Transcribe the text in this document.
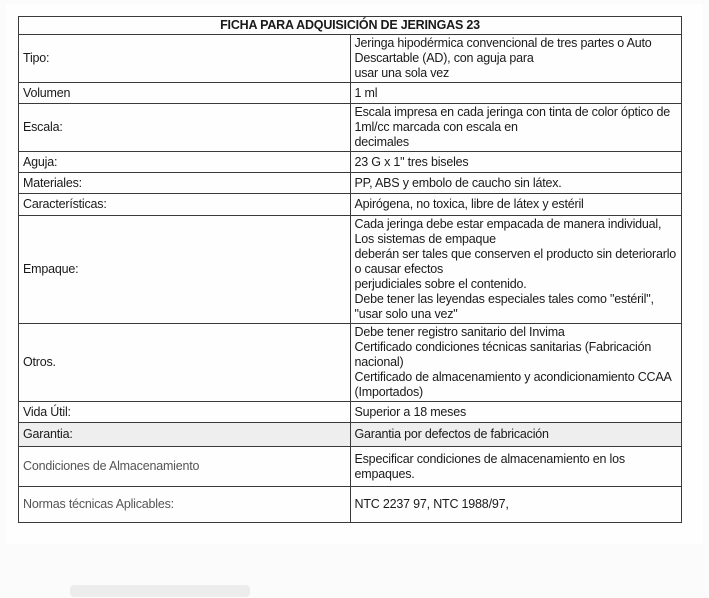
FICHA PARA ADQUISICIÓN DE JERINGAS 23	
Tipo:	Jeringa hipodérmica convencional de tres partes o Auto Descartable (AD), con aguja para
usar una sola vez

Volumen	1 ml

Escala:	Escala impresa en cada jeringa con tinta de color óptico de 1ml/cc marcada con escala en
decimales

Aguja:	23 G x 1" tres biseles

Materiales:	PP, ABS y embolo de caucho sin látex.

Características:	Apirógena, no toxica, libre de látex y estéril

Empaque:	Cada jeringa debe estar empacada de manera individual, Los sistemas de empaque
deberán ser tales que conserven el producto sin deteriorarlo o causar efectos
perjudiciales sobre el contenido.
Debe tener las leyendas especiales tales como "estéril", "usar solo una vez"

Otros.	Debe tener registro sanitario del Invima
Certificado condiciones técnicas sanitarias (Fabricación nacional)
Certificado de almacenamiento y acondicionamiento CCAA (Importados)

Vida Útil:	Superior a 18 meses

Garantia:	Garantia por defectos de fabricación

Condiciones de Almacenamiento	Especificar condiciones de almacenamiento en los empaques.

Normas técnicas Aplicables:	NTC 2237 97, NTC 1988/97,
